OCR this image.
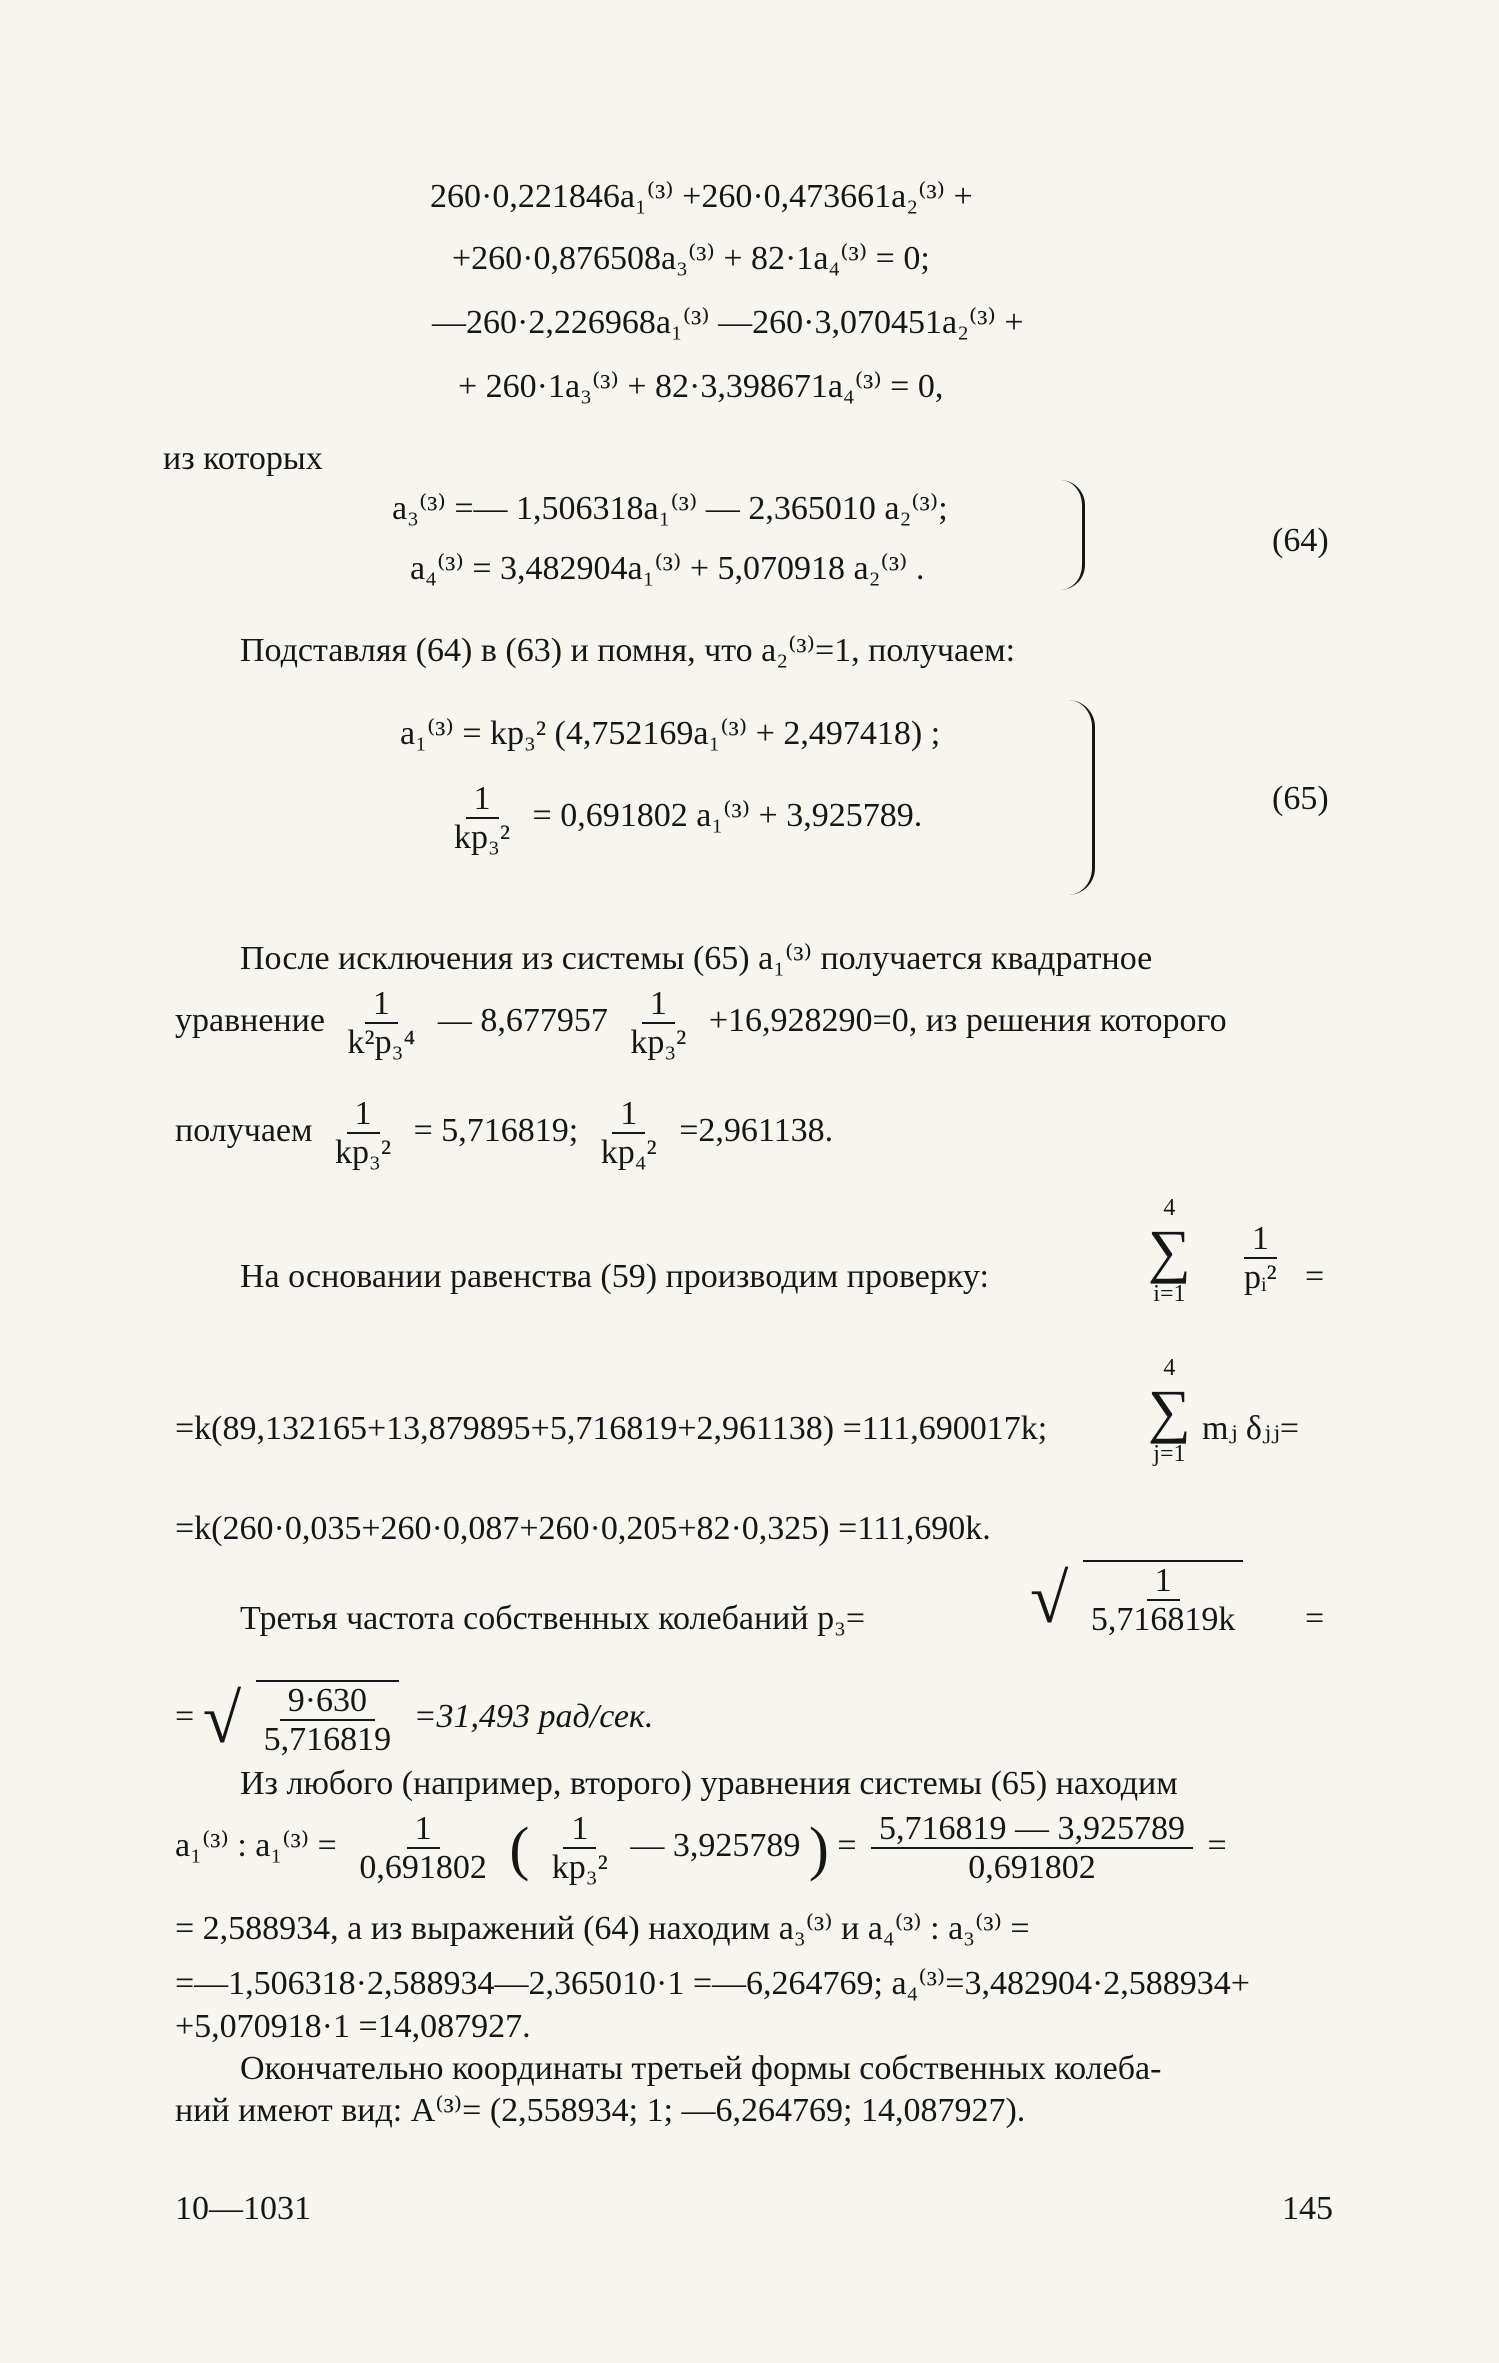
260·0,221846a₁⁽³⁾ +260·0,473661a₂⁽³⁾ +
+260·0,876508a₃⁽³⁾ + 82·1a₄⁽³⁾ = 0;
—260·2,226968a₁⁽³⁾ —260·3,070451a₂⁽³⁾ +
+ 260·1a₃⁽³⁾ + 82·3,398671a₄⁽³⁾ = 0,
из которых
a₃⁽³⁾ =— 1,506318a₁⁽³⁾ — 2,365010 a₂⁽³⁾;
a₄⁽³⁾ = 3,482904a₁⁽³⁾ + 5,070918 a₂⁽³⁾ .
(64)
Подставляя (64) в (63) и помня, что a₂⁽³⁾=1, получаем:
a₁⁽³⁾ = kp₃² (4,752169a₁⁽³⁾ + 2,497418) ;
$\frac{1}{\text{kp₃²}} = 0,691802$ a₁⁽³⁾ + 3,925789.	(65)
После исключения из системы (65) a₁⁽³⁾ получается квадратное
уравнение $\frac{1}{\text{k²p₃⁴}}$ — $8,677957 \frac{1}{\text{kp₃²}} +16,928290=0$, из решения которого
получаем $\frac{1}{\text{kp₃²}} = 5,716819$; $\frac{1}{\text{kp₄²}} =2,961138$.
На основании равенства (59) производим проверку:
4
∑
$i=1 \frac{1}{\text{pᵢ²}}$ =
=k(89,132165+13,879895+5,716819+2,961138) =111,690017k;
4
∑
j=1
mⱼ δⱼⱼ=
=k(260·0,035+260·0,087+260·0,205+82·0,325) =111,690k.
Третья частота собственных колебаний p₃= √ $\frac{1}{5,716819k}$ =
= √ $\frac{9\cdot 630}{5,716819} =31,493$ рад/сек.
Из любого (например, второго) уравнения системы (65) находим
a₁⁽³⁾ : $a_1^{(3)} = \frac{1}{0,691802}$ ( $\frac{1}{\text{kp₃²}}$ — 3,925789 ) = $\frac{5,716819 — 3,925789}{0,691802}$ =
= 2,588934, а из выражений (64) находим a₃⁽³⁾ и a₄⁽³⁾ : a₃⁽³⁾ =
=—1,506318·2,588934—2,365010·1 =—6,264769; a₄⁽³⁾=3,482904·2,588934+
+5,070918·1 =14,087927.
Окончательно координаты третьей формы собственных колеба-
ний имеют вид: A⁽³⁾= (2,558934; 1; —6,264769; 14,087927).
10—1031	145
